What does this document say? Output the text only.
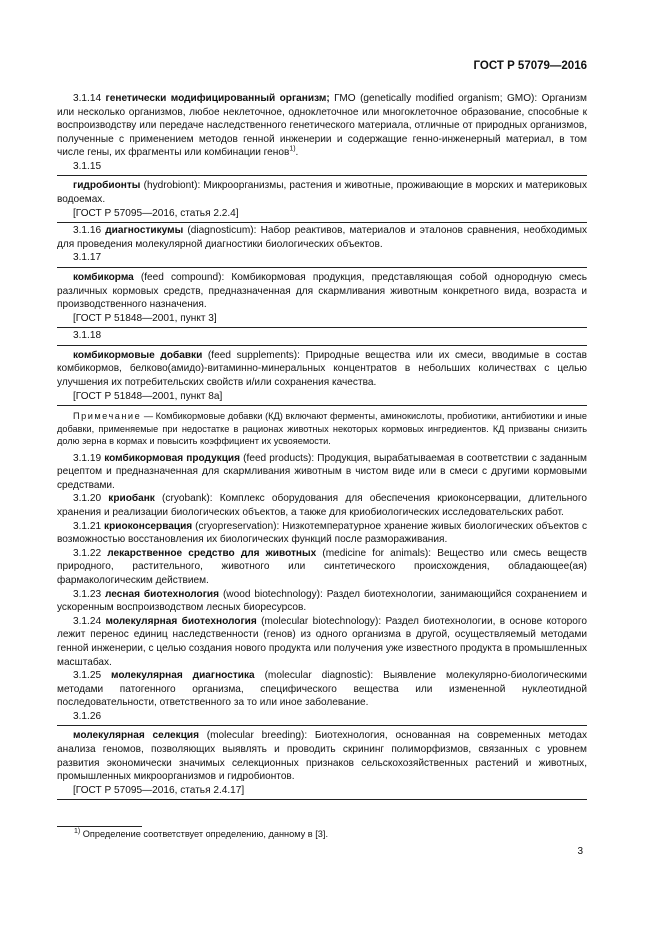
ГОСТ Р 57079—2016

3.1.14 генетически модифицированный организм; ГМО (genetically modified organism; GMO): Организм или несколько организмов, любое неклеточное, одноклеточное или многоклеточное образование, способные к воспроизводству или передаче наследственного генетического материала, отличные от природных организмов, полученные с применением методов генной инженерии и содержащие генно-инженерный материал, в том числе гены, их фрагменты или комбинации генов$^{1)}$.

3.1.15

гидробионты (hydrobiont): Микроорганизмы, растения и животные, проживающие в морских и материковых водоемах.

[ГОСТ Р 57095—2016, статья 2.2.4]

3.1.16 диагностикумы (diagnosticum): Набор реактивов, материалов и эталонов сравнения, необходимых для проведения молекулярной диагностики биологических объектов.

3.1.17

комбикорма (feed compound): Комбикормовая продукция, представляющая собой однородную смесь различных кормовых средств, предназначенная для скармливания животным конкретного вида, возраста и производственного назначения.

[ГОСТ Р 51848—2001, пункт 3]

3.1.18

комбикормовые добавки (feed supplements): Природные вещества или их смеси, вводимые в состав комбикормов, белково(амидо)-витаминно-минеральных концентратов в небольших количествах с целью улучшения их потребительских свойств и/или сохранения качества.

[ГОСТ Р 51848—2001, пункт 8а]

Примечание — Комбикормовые добавки (КД) включают ферменты, аминокислоты, пробиотики, антибиотики и иные добавки, применяемые при недостатке в рационах животных некоторых кормовых ингредиентов. КД призваны снизить долю зерна в кормах и повысить коэффициент их усвояемости.

3.1.19 комбикормовая продукция (feed products): Продукция, вырабатываемая в соответствии с заданным рецептом и предназначенная для скармливания животным в чистом виде или в смеси с другими кормовыми средствами.

3.1.20 криобанк (cryobank): Комплекс оборудования для обеспечения криоконсервации, длительного хранения и реализации биологических объектов, а также для криобиологических исследовательских работ.

3.1.21 криоконсервация (cryopreservation): Низкотемпературное хранение живых биологических объектов с возможностью восстановления их биологических функций после размораживания.

3.1.22 лекарственное средство для животных (medicine for animals): Вещество или смесь веществ природного, растительного, животного или синтетического происхождения, обладающее(ая) фармакологическим действием.

3.1.23 лесная биотехнология (wood biotechnology): Раздел биотехнологии, занимающийся сохранением и ускоренным воспроизводством лесных биоресурсов.

3.1.24 молекулярная биотехнология (molecular biotechnology): Раздел биотехнологии, в основе которого лежит перенос единиц наследственности (генов) из одного организма в другой, осуществляемый методами генной инженерии, с целью создания нового продукта или получения уже известного продукта в промышленных масштабах.

3.1.25 молекулярная диагностика (molecular diagnostic): Выявление молекулярно-биологическими методами патогенного организма, специфического вещества или измененной нуклеотидной последовательности, ответственного за то или иное заболевание.

3.1.26

молекулярная селекция (molecular breeding): Биотехнология, основанная на современных методах анализа геномов, позволяющих выявлять и проводить скрининг полиморфизмов, связанных с уровнем развития экономически значимых селекционных признаков сельскохозяйственных растений и животных, промышленных микроорганизмов и гидробионтов.

[ГОСТ Р 57095—2016, статья 2.4.17]

$^{1)}$ Определение соответствует определению, данному в [3].
3
